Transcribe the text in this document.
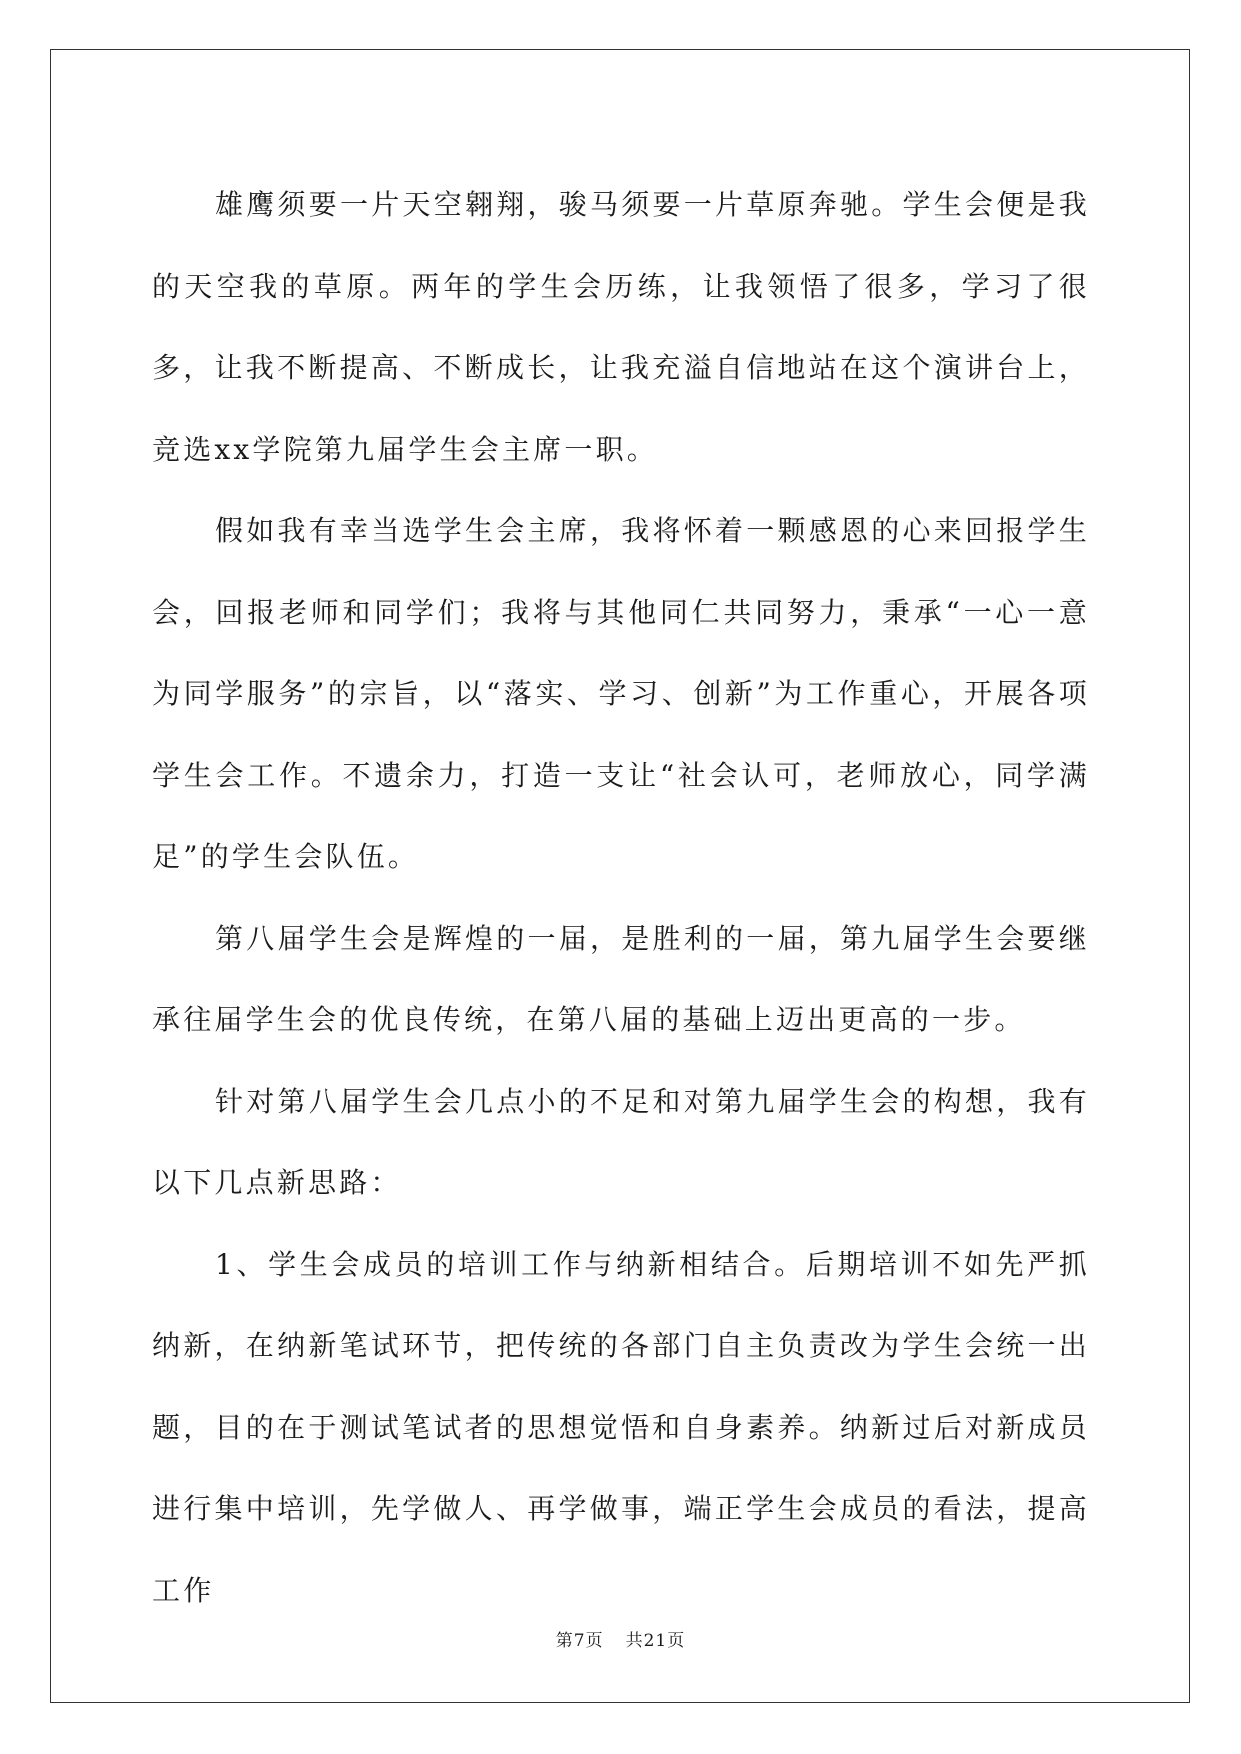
雄鹰须要一片天空翱翔，骏马须要一片草原奔驰。学生会便是我的天空我的草原。两年的学生会历练，让我领悟了很多，学习了很多，让我不断提高、不断成长，让我充溢自信地站在这个演讲台上，竞选xx学院第九届学生会主席一职。

假如我有幸当选学生会主席，我将怀着一颗感恩的心来回报学生会，回报老师和同学们；我将与其他同仁共同努力，秉承“一心一意为同学服务”的宗旨，以“落实、学习、创新”为工作重心，开展各项学生会工作。不遗余力，打造一支让“社会认可，老师放心，同学满足”的学生会队伍。

第八届学生会是辉煌的一届，是胜利的一届，第九届学生会要继承往届学生会的优良传统，在第八届的基础上迈出更高的一步。

针对第八届学生会几点小的不足和对第九届学生会的构想，我有以下几点新思路：

1、学生会成员的培训工作与纳新相结合。后期培训不如先严抓纳新，在纳新笔试环节，把传统的各部门自主负责改为学生会统一出题，目的在于测试笔试者的思想觉悟和自身素养。纳新过后对新成员进行集中培训，先学做人、再学做事，端正学生会成员的看法，提高工作

第7页 共21页
